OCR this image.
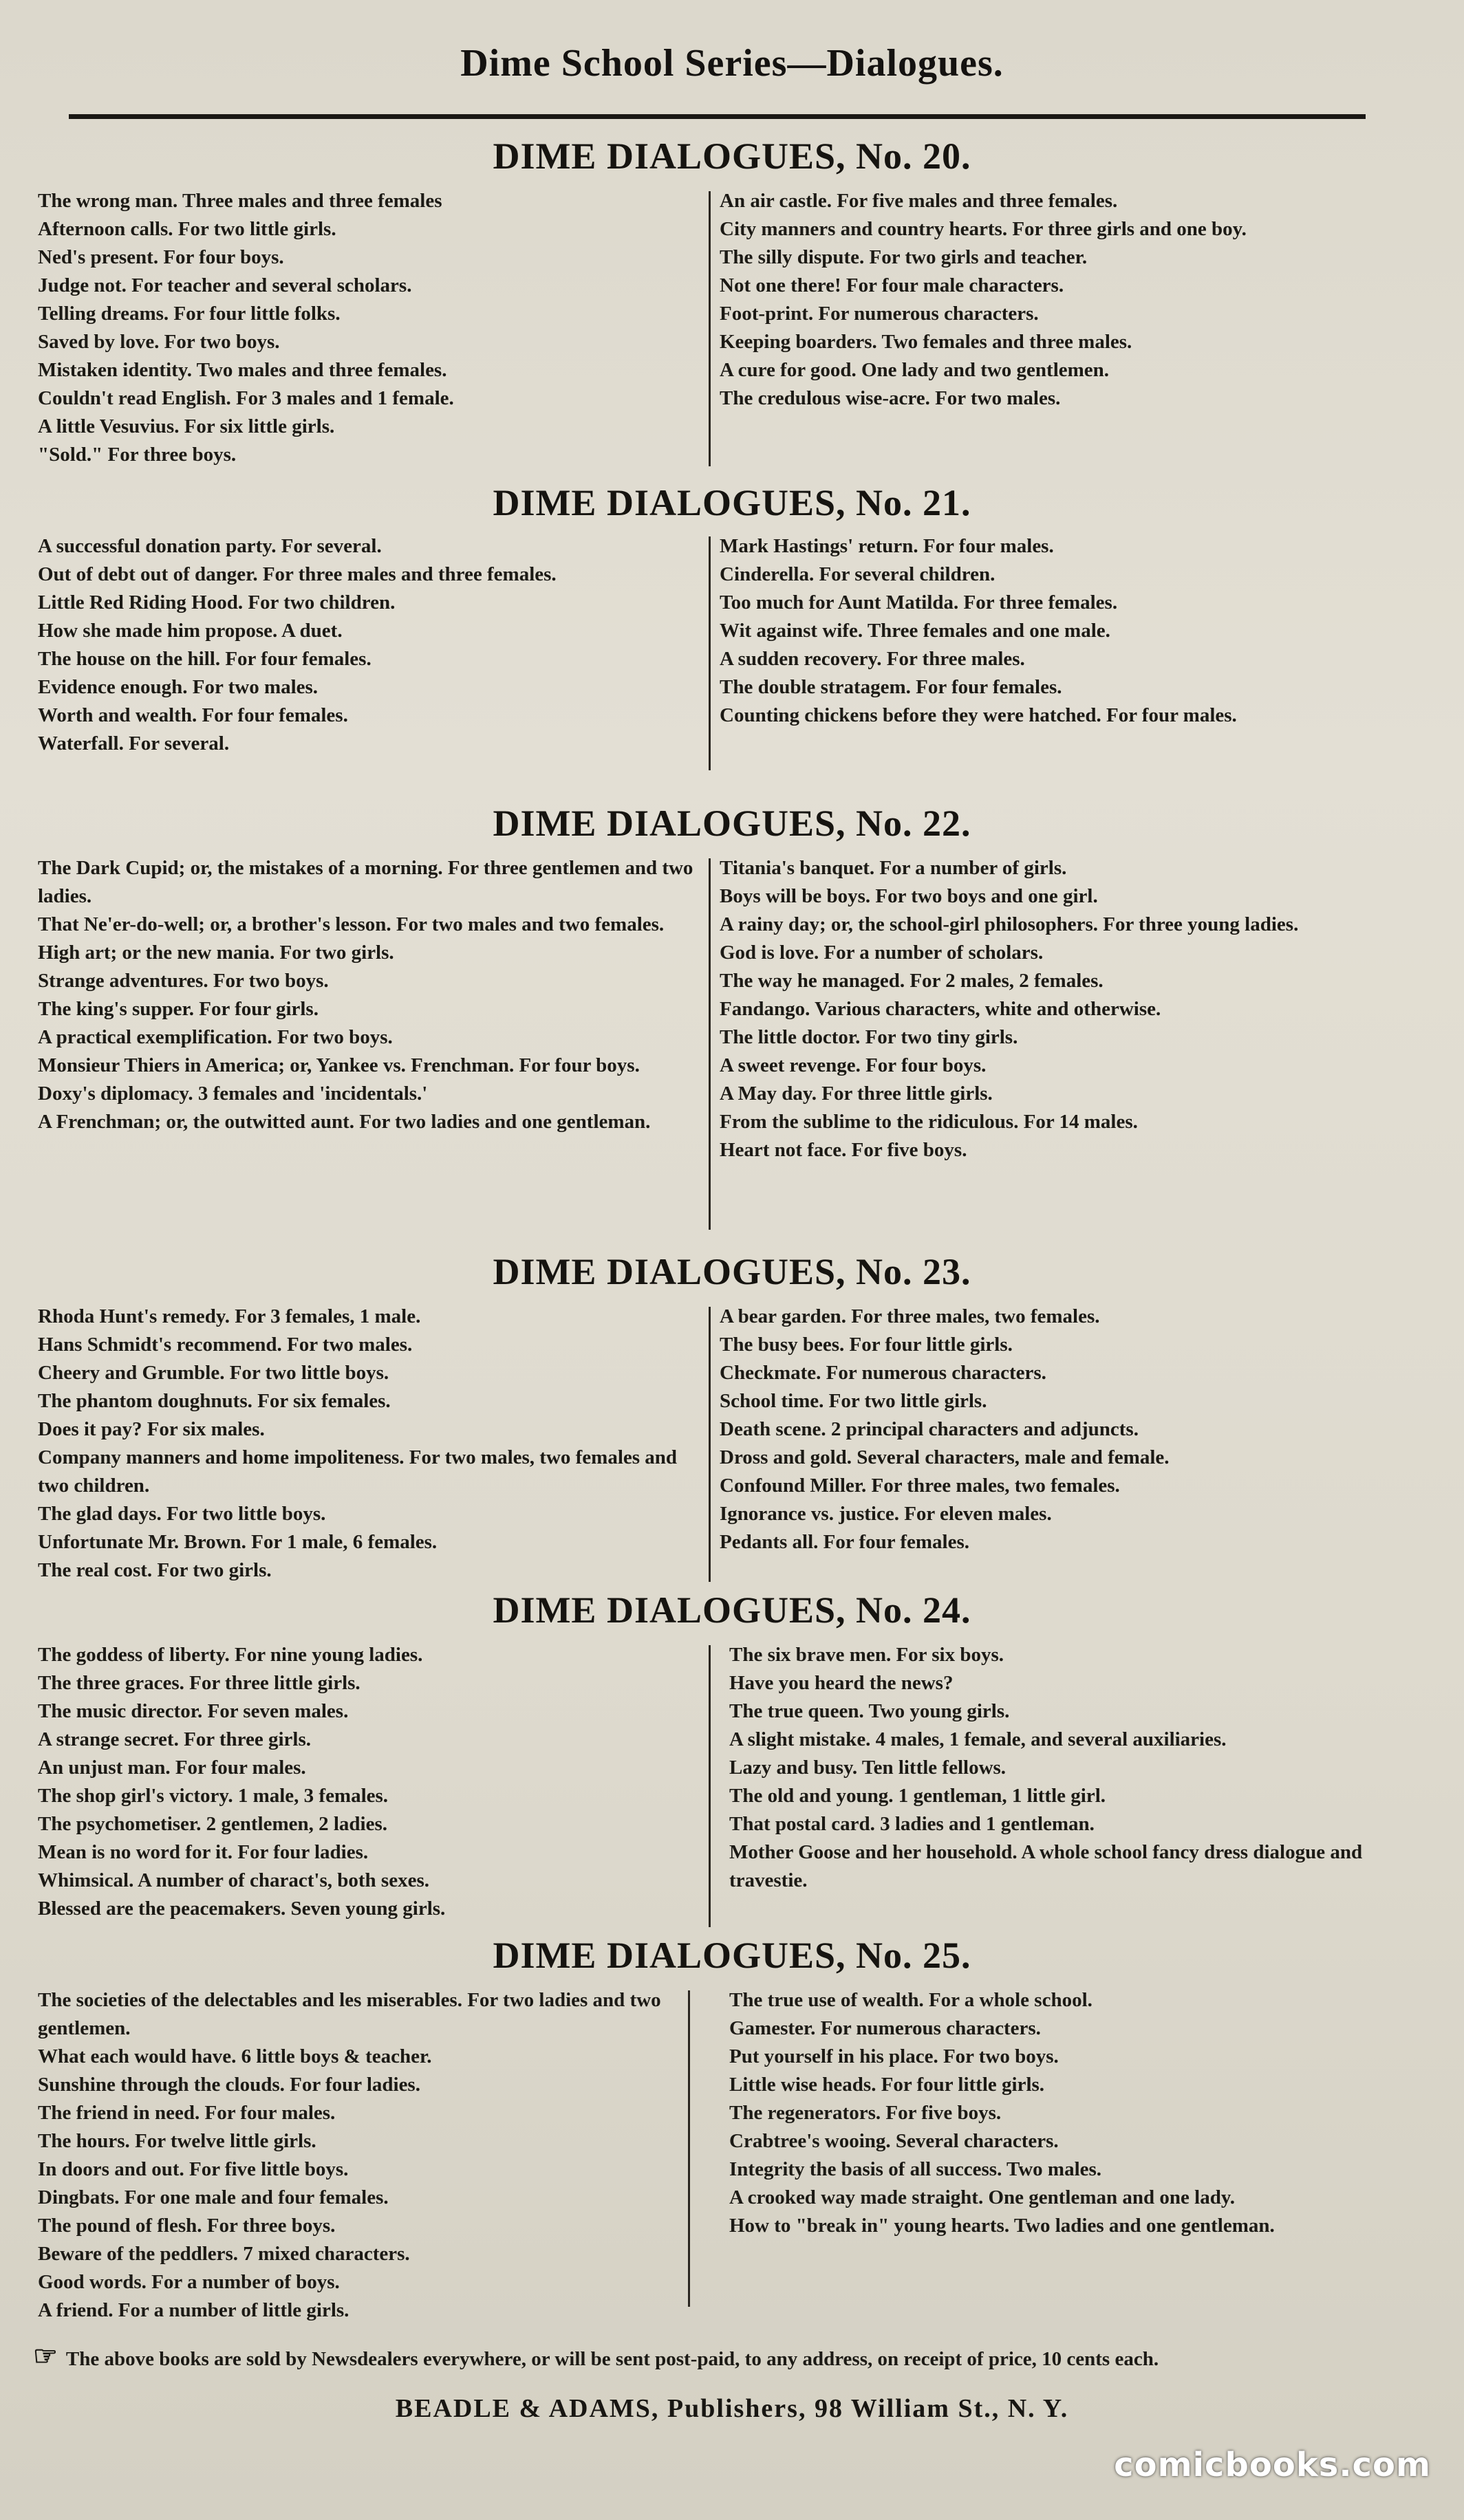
Dime School Series—Dialogues.
DIME DIALOGUES, No. 20.

The wrong man. Three males and three females

Afternoon calls. For two little girls.

Ned's present. For four boys.

Judge not. For teacher and several scholars.

Telling dreams. For four little folks.

Saved by love. For two boys.

Mistaken identity. Two males and three females.

Couldn't read English. For 3 males and 1 female.

A little Vesuvius. For six little girls.

"Sold." For three boys.

An air castle. For five males and three females.

City manners and country hearts. For three girls and one boy.

The silly dispute. For two girls and teacher.

Not one there! For four male characters.

Foot-print. For numerous characters.

Keeping boarders. Two females and three males.

A cure for good. One lady and two gentlemen.

The credulous wise-acre. For two males.

DIME DIALOGUES, No. 21.

A successful donation party. For several.

Out of debt out of danger. For three males and three females.

Little Red Riding Hood. For two children.

How she made him propose. A duet.

The house on the hill. For four females.

Evidence enough. For two males.

Worth and wealth. For four females.

Waterfall. For several.

Mark Hastings' return. For four males.

Cinderella. For several children.

Too much for Aunt Matilda. For three females.

Wit against wife. Three females and one male.

A sudden recovery. For three males.

The double stratagem. For four females.

Counting chickens before they were hatched. For four males.

DIME DIALOGUES, No. 22.

The Dark Cupid; or, the mistakes of a morning. For three gentlemen and two ladies.

That Ne'er-do-well; or, a brother's lesson. For two males and two females.

High art; or the new mania. For two girls.

Strange adventures. For two boys.

The king's supper. For four girls.

A practical exemplification. For two boys.

Monsieur Thiers in America; or, Yankee vs. Frenchman. For four boys.

Doxy's diplomacy. 3 females and 'incidentals.'

A Frenchman; or, the outwitted aunt. For two ladies and one gentleman.

Titania's banquet. For a number of girls.

Boys will be boys. For two boys and one girl.

A rainy day; or, the school-girl philosophers. For three young ladies.

God is love. For a number of scholars.

The way he managed. For 2 males, 2 females.

Fandango. Various characters, white and otherwise.

The little doctor. For two tiny girls.

A sweet revenge. For four boys.

A May day. For three little girls.

From the sublime to the ridiculous. For 14 males.

Heart not face. For five boys.

DIME DIALOGUES, No. 23.

Rhoda Hunt's remedy. For 3 females, 1 male.

Hans Schmidt's recommend. For two males.

Cheery and Grumble. For two little boys.

The phantom doughnuts. For six females.

Does it pay? For six males.

Company manners and home impoliteness. For two males, two females and two children.

The glad days. For two little boys.

Unfortunate Mr. Brown. For 1 male, 6 females.

The real cost. For two girls.

A bear garden. For three males, two females.

The busy bees. For four little girls.

Checkmate. For numerous characters.

School time. For two little girls.

Death scene. 2 principal characters and adjuncts.

Dross and gold. Several characters, male and female.

Confound Miller. For three males, two females.

Ignorance vs. justice. For eleven males.

Pedants all. For four females.

DIME DIALOGUES, No. 24.

The goddess of liberty. For nine young ladies.

The three graces. For three little girls.

The music director. For seven males.

A strange secret. For three girls.

An unjust man. For four males.

The shop girl's victory. 1 male, 3 females.

The psychometiser. 2 gentlemen, 2 ladies.

Mean is no word for it. For four ladies.

Whimsical. A number of charact's, both sexes.

Blessed are the peacemakers. Seven young girls.

The six brave men. For six boys.

Have you heard the news?

The true queen. Two young girls.

A slight mistake. 4 males, 1 female, and several auxiliaries.

Lazy and busy. Ten little fellows.

The old and young. 1 gentleman, 1 little girl.

That postal card. 3 ladies and 1 gentleman.

Mother Goose and her household. A whole school fancy dress dialogue and travestie.

DIME DIALOGUES, No. 25.

The societies of the delectables and les miserables. For two ladies and two gentlemen.

What each would have. 6 little boys & teacher.

Sunshine through the clouds. For four ladies.

The friend in need. For four males.

The hours. For twelve little girls.

In doors and out. For five little boys.

Dingbats. For one male and four females.

The pound of flesh. For three boys.

Beware of the peddlers. 7 mixed characters.

Good words. For a number of boys.

A friend. For a number of little girls.

The true use of wealth. For a whole school.

Gamester. For numerous characters.

Put yourself in his place. For two boys.

Little wise heads. For four little girls.

The regenerators. For five boys.

Crabtree's wooing. Several characters.

Integrity the basis of all success. Two males.

A crooked way made straight. One gentleman and one lady.

How to "break in" young hearts. Two ladies and one gentleman.

☞ The above books are sold by Newsdealers everywhere, or will be sent post-paid, to any address, on receipt of price, 10 cents each.
BEADLE & ADAMS, Publishers, 98 William St., N. Y.
comicbooks.com
